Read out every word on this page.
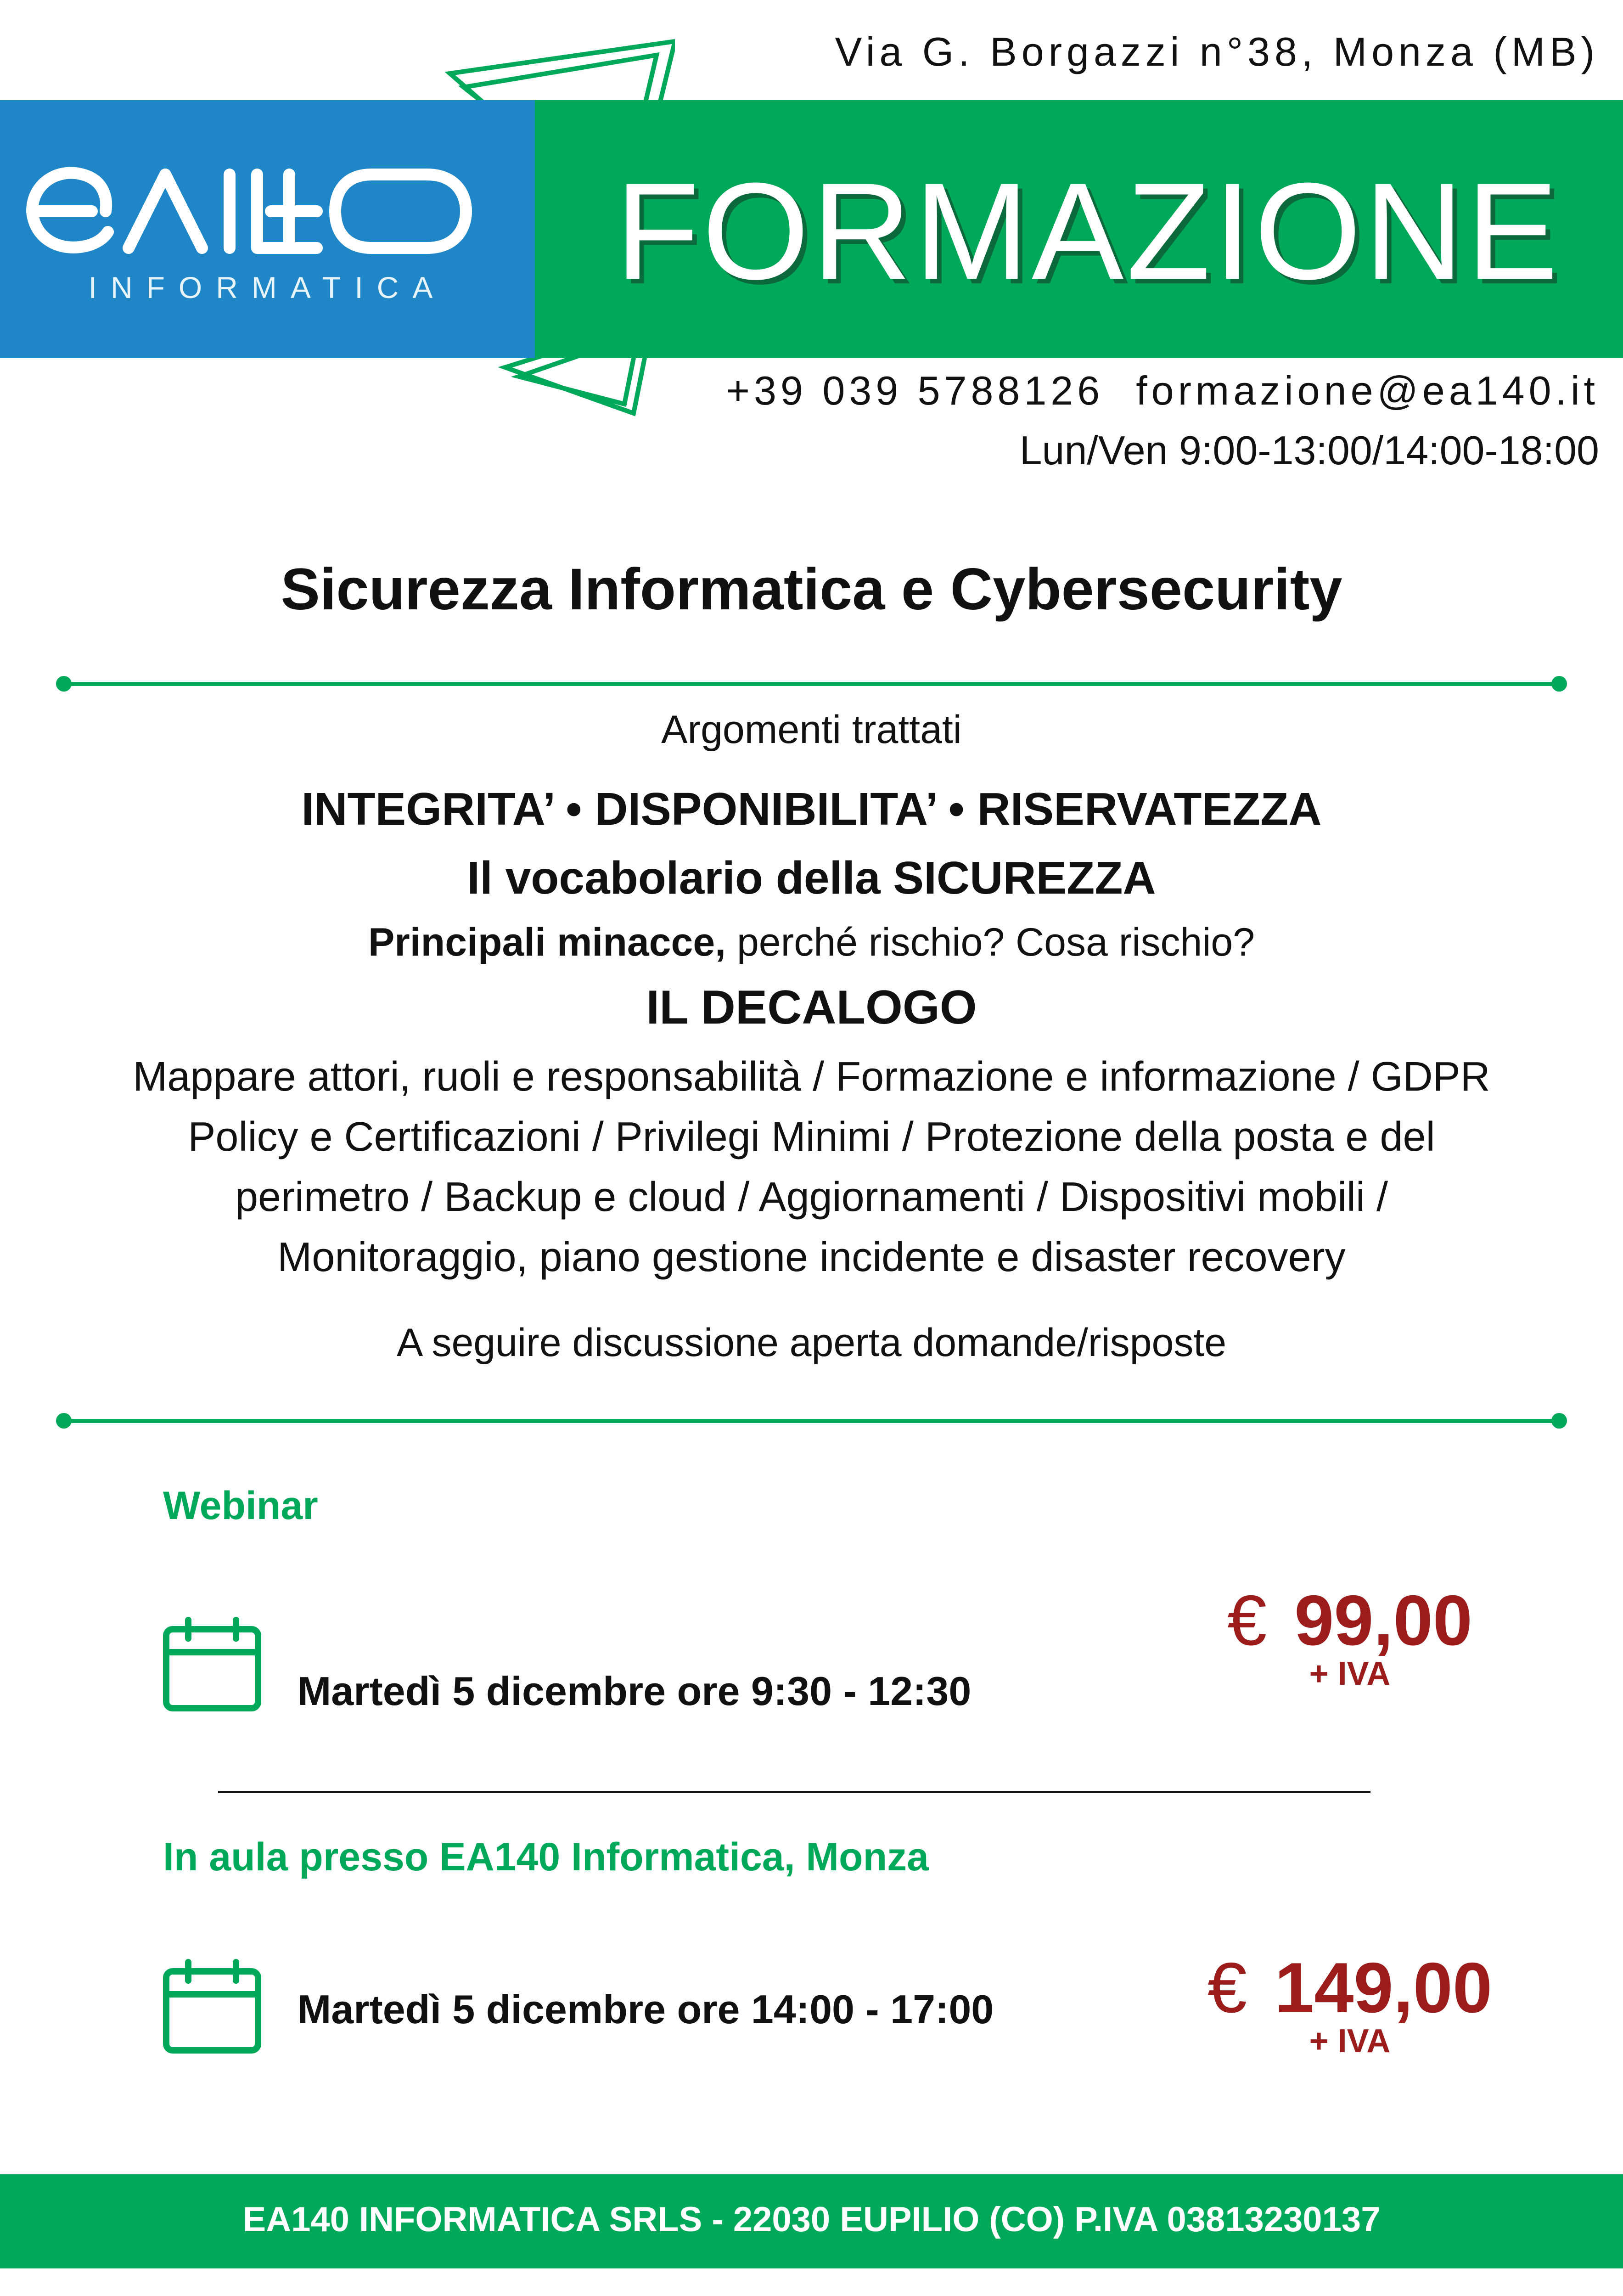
Via G. Borgazzi n°38, Monza (MB)
INFORMATICA	FORMAZIONE
+39 039 5788126 formazione@ea140.it
Lun/Ven 9:00-13:00/14:00-18:00
Sicurezza Informatica e Cybersecurity
Argomenti trattati
INTEGRITA’ • DISPONIBILITA’ • RISERVATEZZA
Il vocabolario della SICUREZZA
Principali minacce, perché rischio? Cosa rischio?
IL DECALOGO
Mappare attori, ruoli e responsabilità / Formazione e informazione / GDPR
Policy e Certificazioni / Privilegi Minimi / Protezione della posta e del
perimetro / Backup e cloud / Aggiornamenti / Dispositivi mobili /
Monitoraggio, piano gestione incidente e disaster recovery
A seguire discussione aperta domande/risposte
Webinar
Martedì 5 dicembre ore 9:30 - 12:30
€ 99,00
+ IVA
In aula presso EA140 Informatica, Monza
Martedì 5 dicembre ore 14:00 - 17:00	€ 149,00
+ IVA
EA140 INFORMATICA SRLS - 22030 EUPILIO (CO) P.IVA 03813230137
